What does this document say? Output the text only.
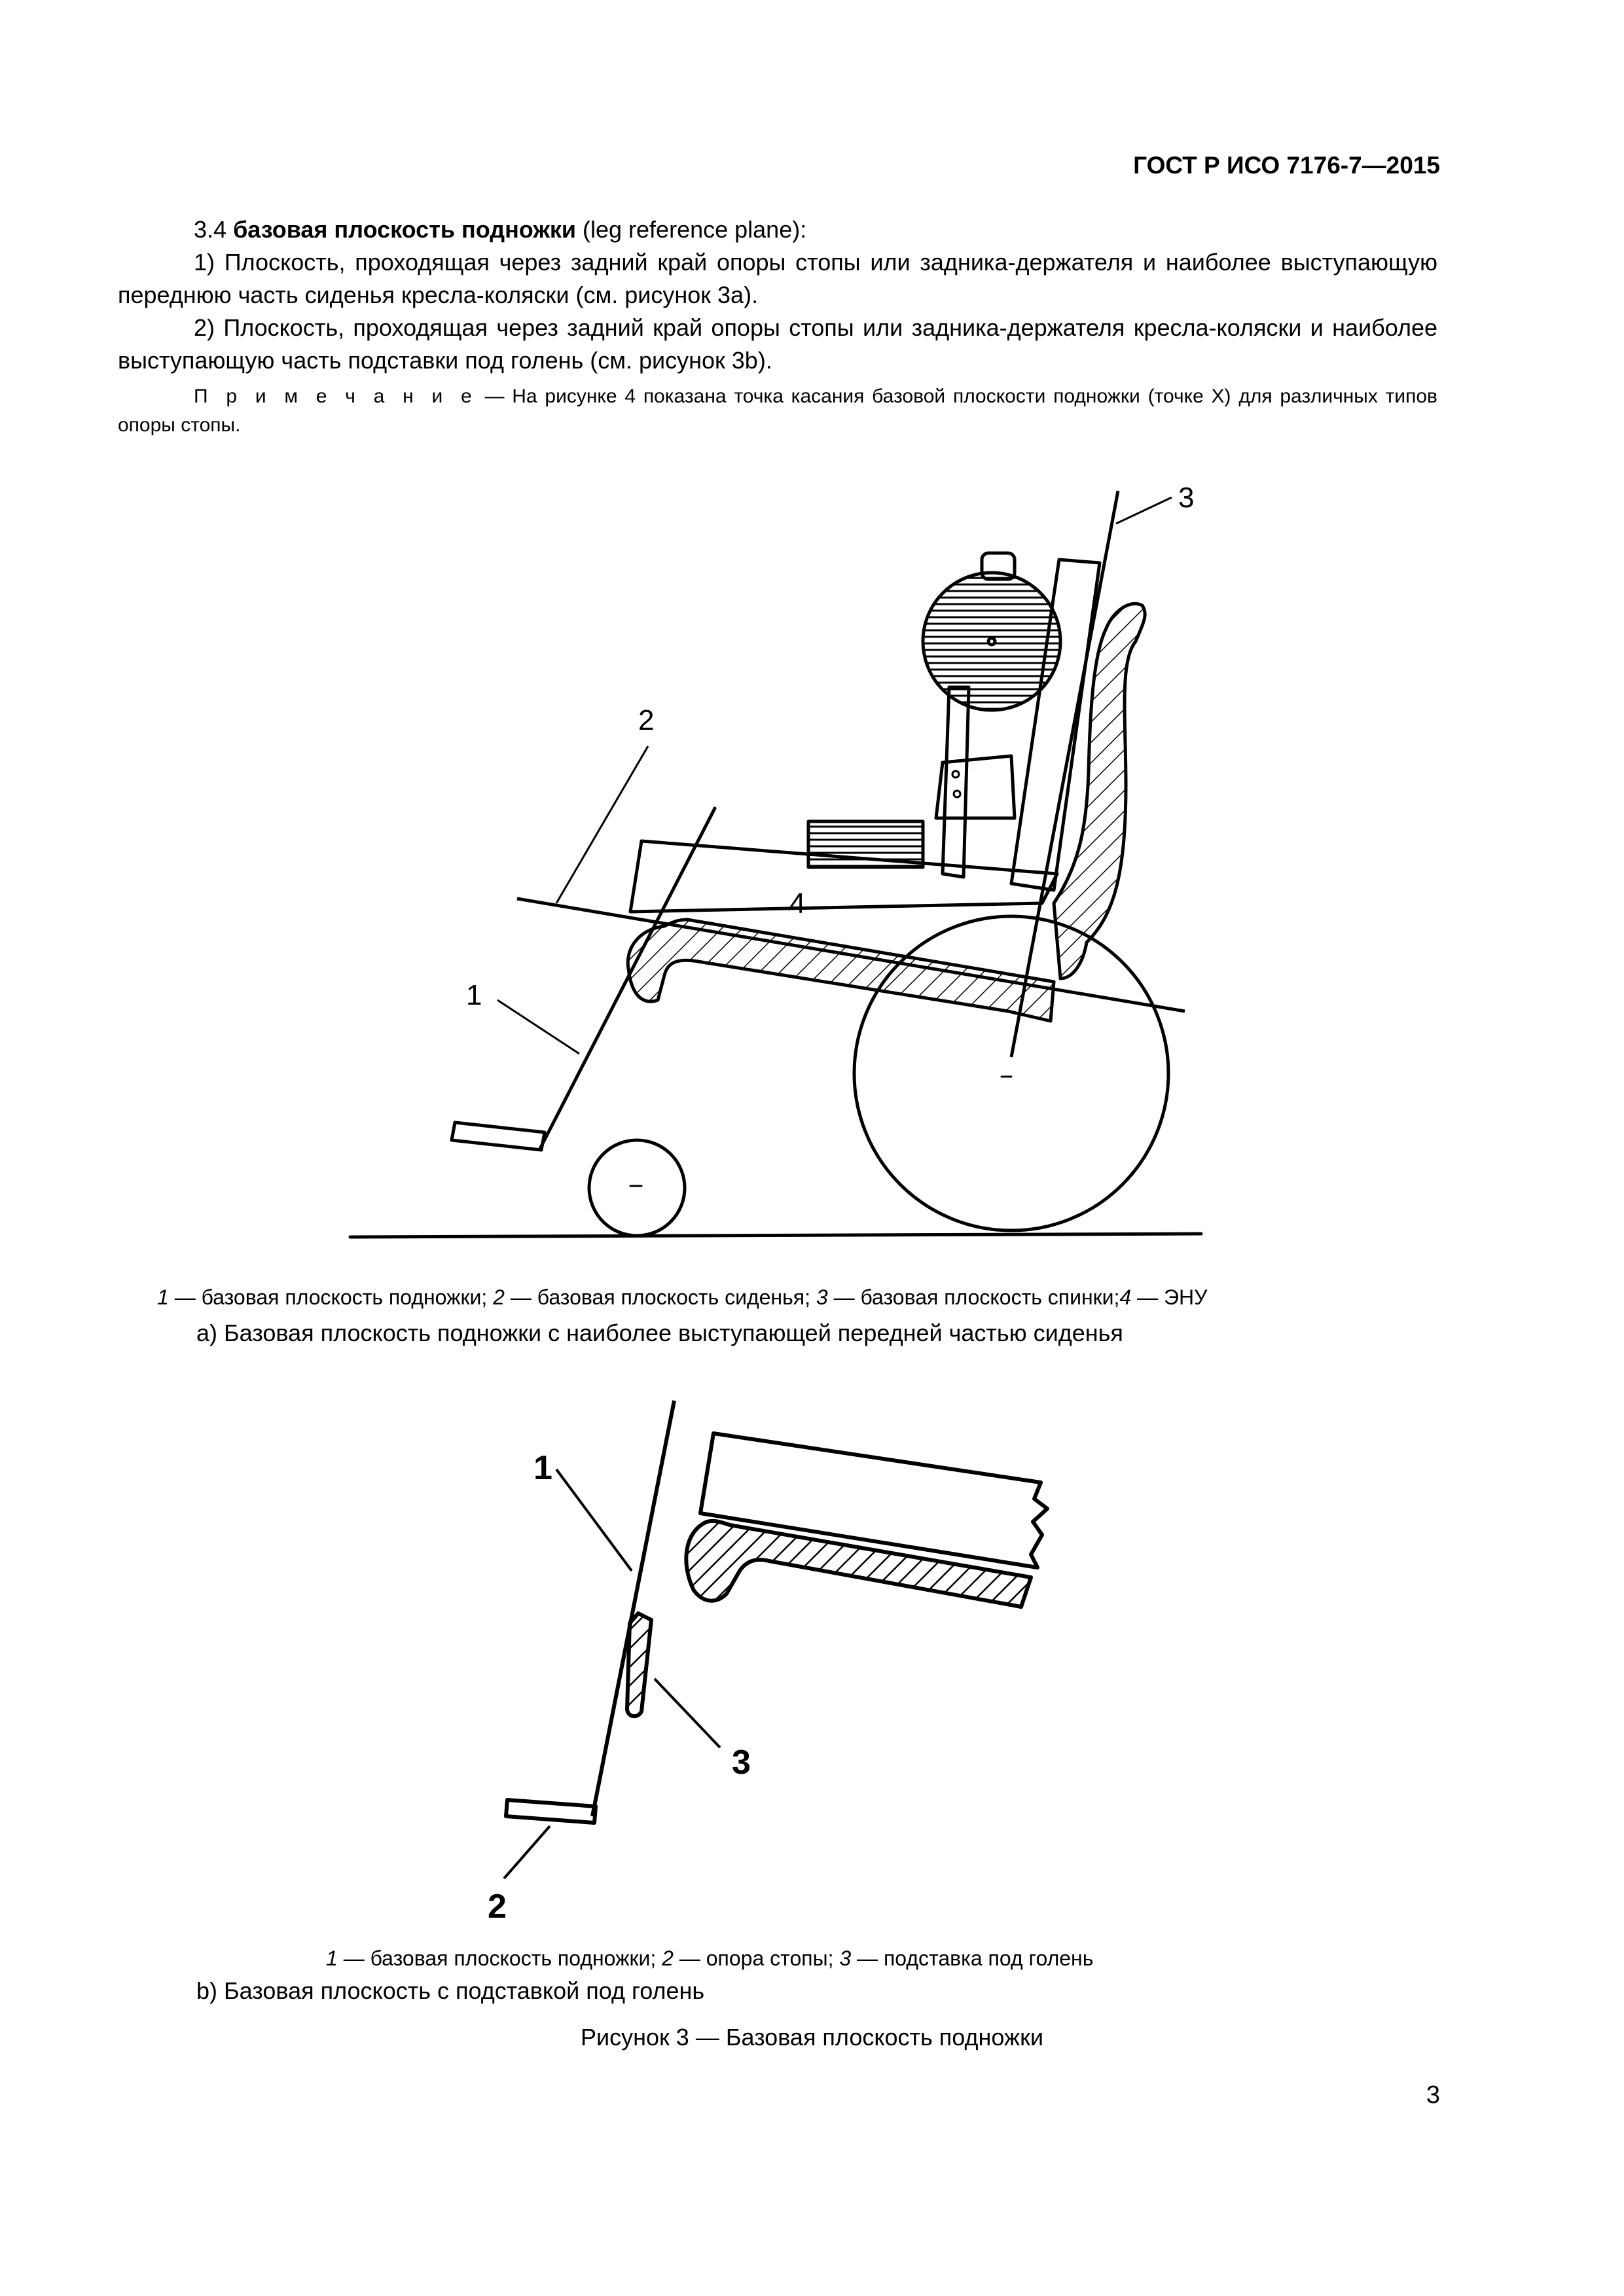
ГОСТ Р ИСО 7176-7—2015

3.4 базовая плоскость подножки (leg reference plane):

1) Плоскость, проходящая через задний край опоры стопы или задника-держателя и наиболее выступающую переднюю часть сиденья кресла-коляски (см. рисунок 3a).

2) Плоскость, проходящая через задний край опоры стопы или задника-держателя кресла-коляски и наиболее выступающую часть подставки под голень (см. рисунок 3b).

П р и м е ч а н и е — На рисунке 4 показана точка касания базовой плоскости подножки (точке X) для различных типов опоры стопы.

1
2
3
4
1 — базовая плоскость подножки; 2 — базовая плоскость сиденья; 3 — базовая плоскость спинки;4 — ЭНУ
a) Базовая плоскость подножки с наиболее выступающей передней частью сиденья
1
2
3
1 — базовая плоскость подножки; 2 — опора стопы; 3 — подставка под голень
b) Базовая плоскость с подставкой под голень
Рисунок 3 — Базовая плоскость подножки
3
